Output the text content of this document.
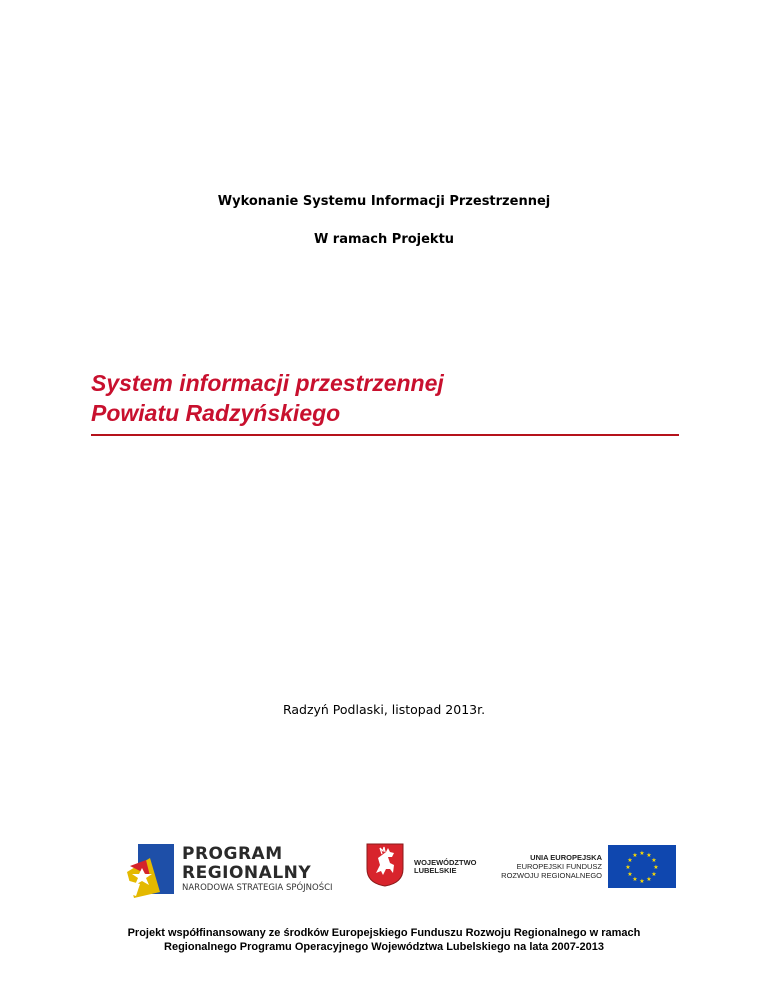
Wykonanie Systemu Informacji Przestrzennej
W ramach Projektu
System informacji przestrzennej
Powiatu Radzyńskiego
Radzyń Podlaski, listopad 2013r.
PROGRAM
REGIONALNY
NARODOWA STRATEGIA SPÓJNOŚCI
WOJEWÓDZTWO
LUBELSKIE
UNIA EUROPEJSKA
EUROPEJSKI FUNDUSZ
ROZWOJU REGIONALNEGO
★ ★
★
★
★
★
★
★
★
★
★
★
Projekt współfinansowany ze środków Europejskiego Funduszu Rozwoju Regionalnego w ramach
Regionalnego Programu Operacyjnego Województwa Lubelskiego na lata 2007-2013
